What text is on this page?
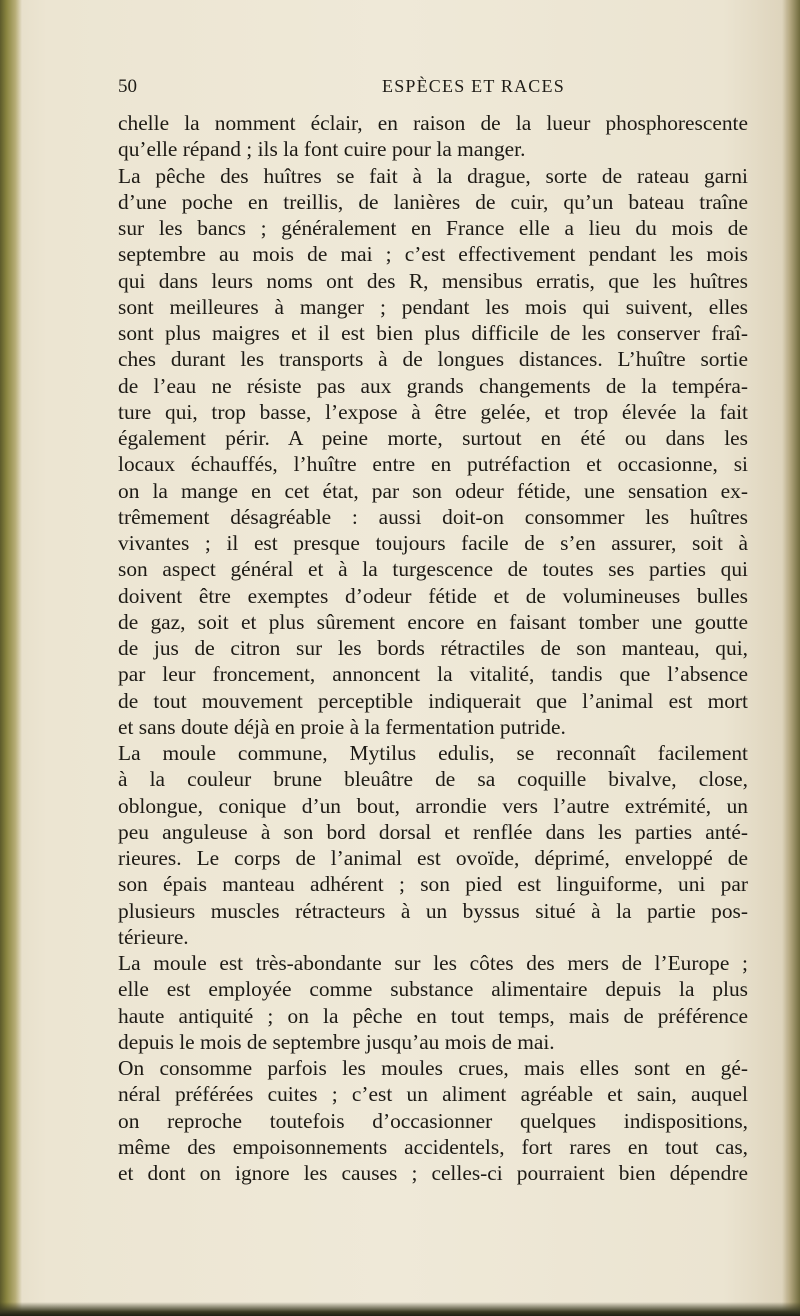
50	ESPÈCES ET RACES
chelle la nomment éclair, en raison de la lueur phosphorescente
qu’elle répand ; ils la font cuire pour la manger.
La pêche des huîtres se fait à la drague, sorte de rateau garni
d’une poche en treillis, de lanières de cuir, qu’un bateau traîne
sur les bancs ; généralement en France elle a lieu du mois de
septembre au mois de mai ; c’est effectivement pendant les mois
qui dans leurs noms ont des R, mensibus erratis, que les huîtres
sont meilleures à manger ; pendant les mois qui suivent, elles
sont plus maigres et il est bien plus difficile de les conserver fraî-
ches durant les transports à de longues distances. L’huître sortie
de l’eau ne résiste pas aux grands changements de la tempéra-
ture qui, trop basse, l’expose à être gelée, et trop élevée la fait
également périr. A peine morte, surtout en été ou dans les
locaux échauffés, l’huître entre en putréfaction et occasionne, si
on la mange en cet état, par son odeur fétide, une sensation ex-
trêmement désagréable : aussi doit-on consommer les huîtres
vivantes ; il est presque toujours facile de s’en assurer, soit à
son aspect général et à la turgescence de toutes ses parties qui
doivent être exemptes d’odeur fétide et de volumineuses bulles
de gaz, soit et plus sûrement encore en faisant tomber une goutte
de jus de citron sur les bords rétractiles de son manteau, qui,
par leur froncement, annoncent la vitalité, tandis que l’absence
de tout mouvement perceptible indiquerait que l’animal est mort
et sans doute déjà en proie à la fermentation putride.
La moule commune, Mytilus edulis, se reconnaît facilement
à la couleur brune bleuâtre de sa coquille bivalve, close,
oblongue, conique d’un bout, arrondie vers l’autre extrémité, un
peu anguleuse à son bord dorsal et renflée dans les parties anté-
rieures. Le corps de l’animal est ovoïde, déprimé, enveloppé de
son épais manteau adhérent ; son pied est linguiforme, uni par
plusieurs muscles rétracteurs à un byssus situé à la partie pos-
térieure.
La moule est très-abondante sur les côtes des mers de l’Europe ;
elle est employée comme substance alimentaire depuis la plus
haute antiquité ; on la pêche en tout temps, mais de préférence
depuis le mois de septembre jusqu’au mois de mai.
On consomme parfois les moules crues, mais elles sont en gé-
néral préférées cuites ; c’est un aliment agréable et sain, auquel
on reproche toutefois d’occasionner quelques indispositions,
même des empoisonnements accidentels, fort rares en tout cas,
et dont on ignore les causes ; celles-ci pourraient bien dépendre
